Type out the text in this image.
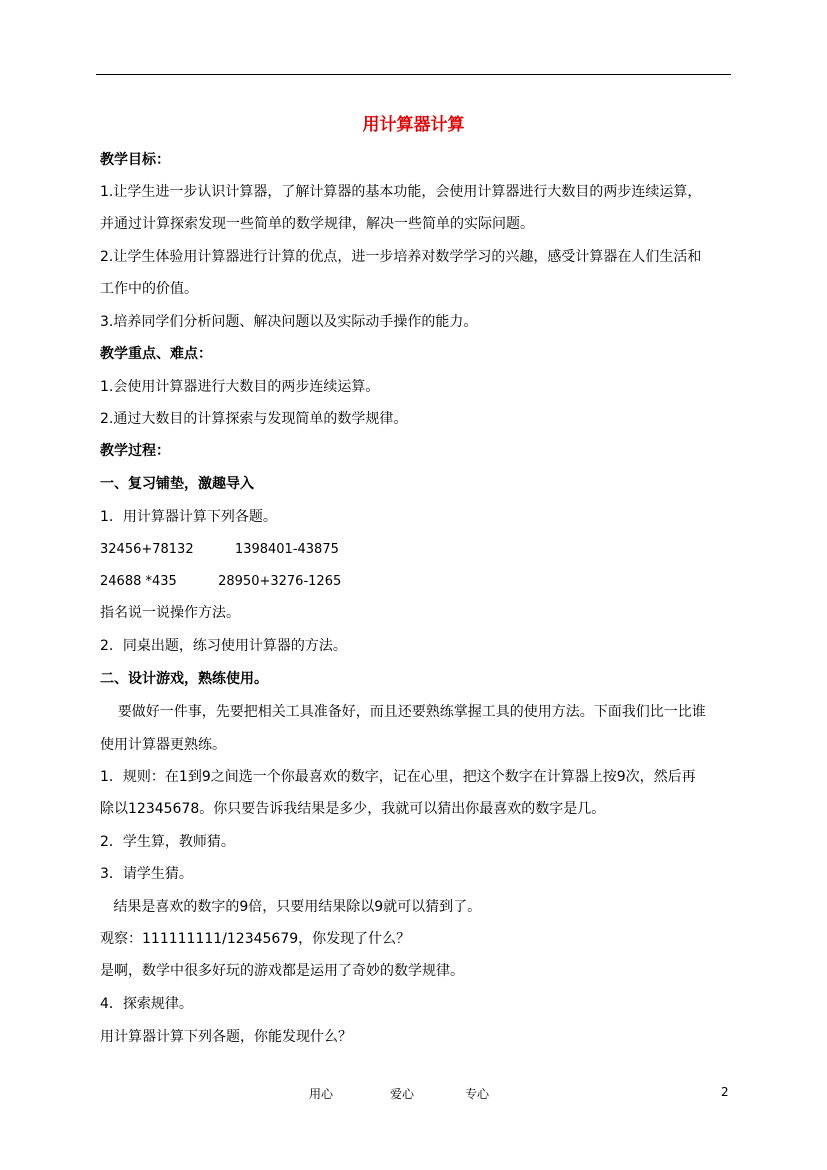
用计算器计算
教学目标：
1.让学生进一步认识计算器，了解计算器的基本功能，会使用计算器进行大数目的两步连续运算，
并通过计算探索发现一些简单的数学规律，解决一些简单的实际问题。
2.让学生体验用计算器进行计算的优点，进一步培养对数学学习的兴趣，感受计算器在人们生活和
工作中的价值。
3.培养同学们分析问题、解决问题以及实际动手操作的能力。
教学重点、难点：
1.会使用计算器进行大数目的两步连续运算。
2.通过大数目的计算探索与发现简单的数学规律。
教学过程：
一、复习铺垫，激趣导入
1．用计算器计算下列各题。
32456+78132          1398401-43875
24688 *435          28950+3276-1265
指名说一说操作方法。
2．同桌出题，练习使用计算器的方法。
二、设计游戏，熟练使用。
要做好一件事，先要把相关工具准备好，而且还要熟练掌握工具的使用方法。下面我们比一比谁
使用计算器更熟练。
1．规则：在1到9之间选一个你最喜欢的数字，记在心里，把这个数字在计算器上按9次，然后再
除以12345678。你只要告诉我结果是多少，我就可以猜出你最喜欢的数字是几。
2．学生算，教师猜。
3．请学生猜。
结果是喜欢的数字的9倍，只要用结果除以9就可以猜到了。
观察：111111111/12345679，你发现了什么？
是啊，数学中很多好玩的游戏都是运用了奇妙的数学规律。
4．探索规律。
用计算器计算下列各题，你能发现什么？
用心	爱心	专心	2
